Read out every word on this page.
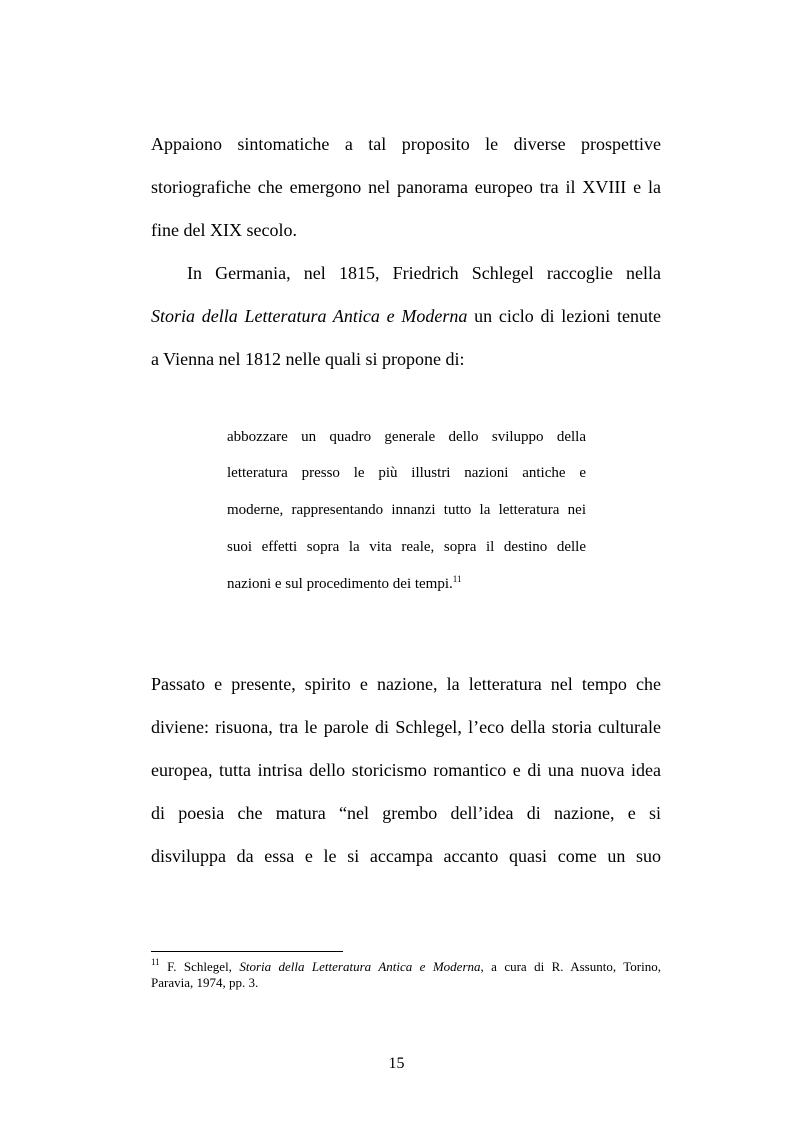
Appaiono sintomatiche a tal proposito le diverse prospettive
storiografiche che emergono nel panorama europeo tra il XVIII e la
fine del XIX secolo.
In Germania, nel 1815, Friedrich Schlegel raccoglie nella
Storia della Letteratura Antica e Moderna un ciclo di lezioni tenute
a Vienna nel 1812 nelle quali si propone di:
abbozzare un quadro generale dello sviluppo della
letteratura presso le più illustri nazioni antiche e
moderne, rappresentando innanzi tutto la letteratura nei
suoi effetti sopra la vita reale, sopra il destino delle
nazioni e sul procedimento dei tempi.$^{11}$
Passato e presente, spirito e nazione, la letteratura nel tempo che
diviene: risuona, tra le parole di Schlegel, l’eco della storia culturale
europea, tutta intrisa dello storicismo romantico e di una nuova idea
di poesia che matura “nel grembo dell’idea di nazione, e si
disviluppa da essa e le si accampa accanto quasi come un suo
$^{11}$ F. Schlegel, Storia della Letteratura Antica e Moderna, a cura di R. Assunto, Torino,
Paravia, 1974, pp. 3.
15
